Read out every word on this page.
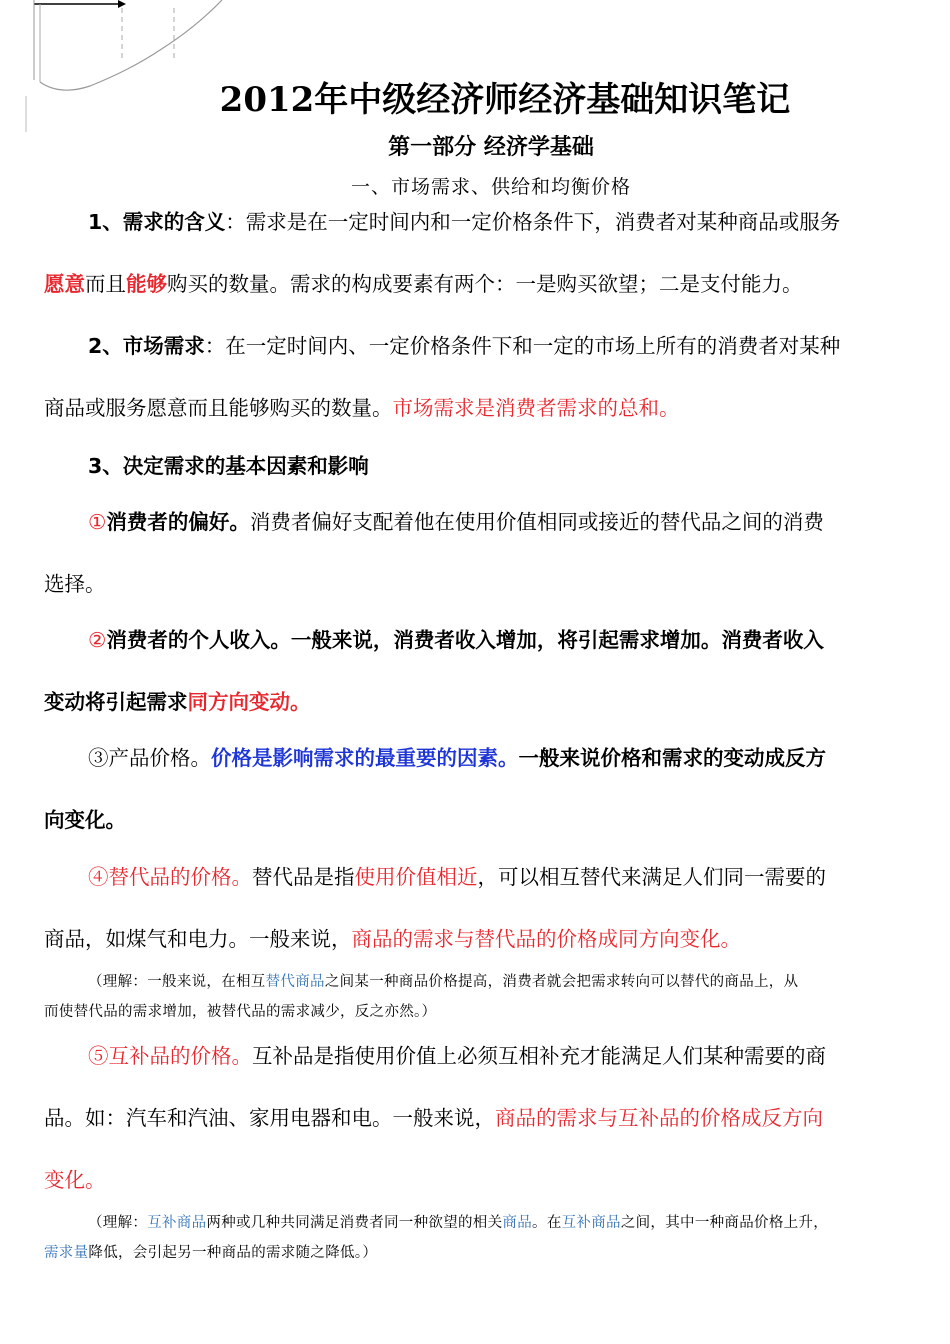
2012年中级经济师经济基础知识笔记
第一部分 经济学基础
一、市场需求、供给和均衡价格
1、需求的含义：需求是在一定时间内和一定价格条件下，消费者对某种商品或服务
愿意而且能够购买的数量。需求的构成要素有两个：一是购买欲望；二是支付能力。
2、市场需求：在一定时间内、一定价格条件下和一定的市场上所有的消费者对某种
商品或服务愿意而且能够购买的数量。市场需求是消费者需求的总和。
3、决定需求的基本因素和影响
①消费者的偏好。消费者偏好支配着他在使用价值相同或接近的替代品之间的消费
选择。
②消费者的个人收入。一般来说，消费者收入增加，将引起需求增加。消费者收入
变动将引起需求同方向变动。
③产品价格。价格是影响需求的最重要的因素。一般来说价格和需求的变动成反方
向变化。
④替代品的价格。替代品是指使用价值相近，可以相互替代来满足人们同一需要的
商品，如煤气和电力。一般来说，商品的需求与替代品的价格成同方向变化。
（理解：一般来说，在相互替代商品之间某一种商品价格提高，消费者就会把需求转向可以替代的商品上，从
而使替代品的需求增加，被替代品的需求减少，反之亦然。）
⑤互补品的价格。互补品是指使用价值上必须互相补充才能满足人们某种需要的商
品。如：汽车和汽油、家用电器和电。一般来说，商品的需求与互补品的价格成反方向
变化。
（理解：互补商品两种或几种共同满足消费者同一种欲望的相关商品。在互补商品之间，其中一种商品价格上升，
需求量降低，会引起另一种商品的需求随之降低。）
